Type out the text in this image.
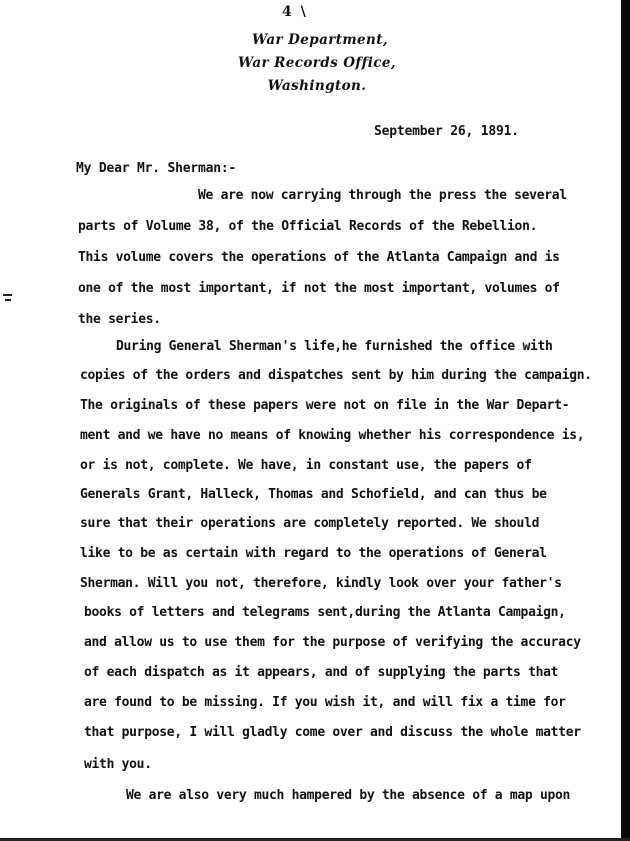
4 \
War Department,
War Records Office,
Washington.
September 26, 1891.
My Dear Mr. Sherman:-
We are now carrying through the press the several
parts of Volume 38, of the Official Records of the Rebellion.
This volume covers the operations of the Atlanta Campaign and is
one of the most important, if not the most important, volumes of
the series.
During General Sherman's life,he furnished the office with
copies of the orders and dispatches sent by him during the campaign.
The originals of these papers were not on file in the War Depart-
ment and we have no means of knowing whether his correspondence is,
or is not, complete. We have, in constant use, the papers of
Generals Grant, Halleck, Thomas and Schofield, and can thus be
sure that their operations are completely reported. We should
like to be as certain with regard to the operations of General
Sherman. Will you not, therefore, kindly look over your father's
books of letters and telegrams sent,during the Atlanta Campaign,
and allow us to use them for the purpose of verifying the accuracy
of each dispatch as it appears, and of supplying the parts that
are found to be missing. If you wish it, and will fix a time for
that purpose, I will gladly come over and discuss the whole matter
with you.
We are also very much hampered by the absence of a map upon
